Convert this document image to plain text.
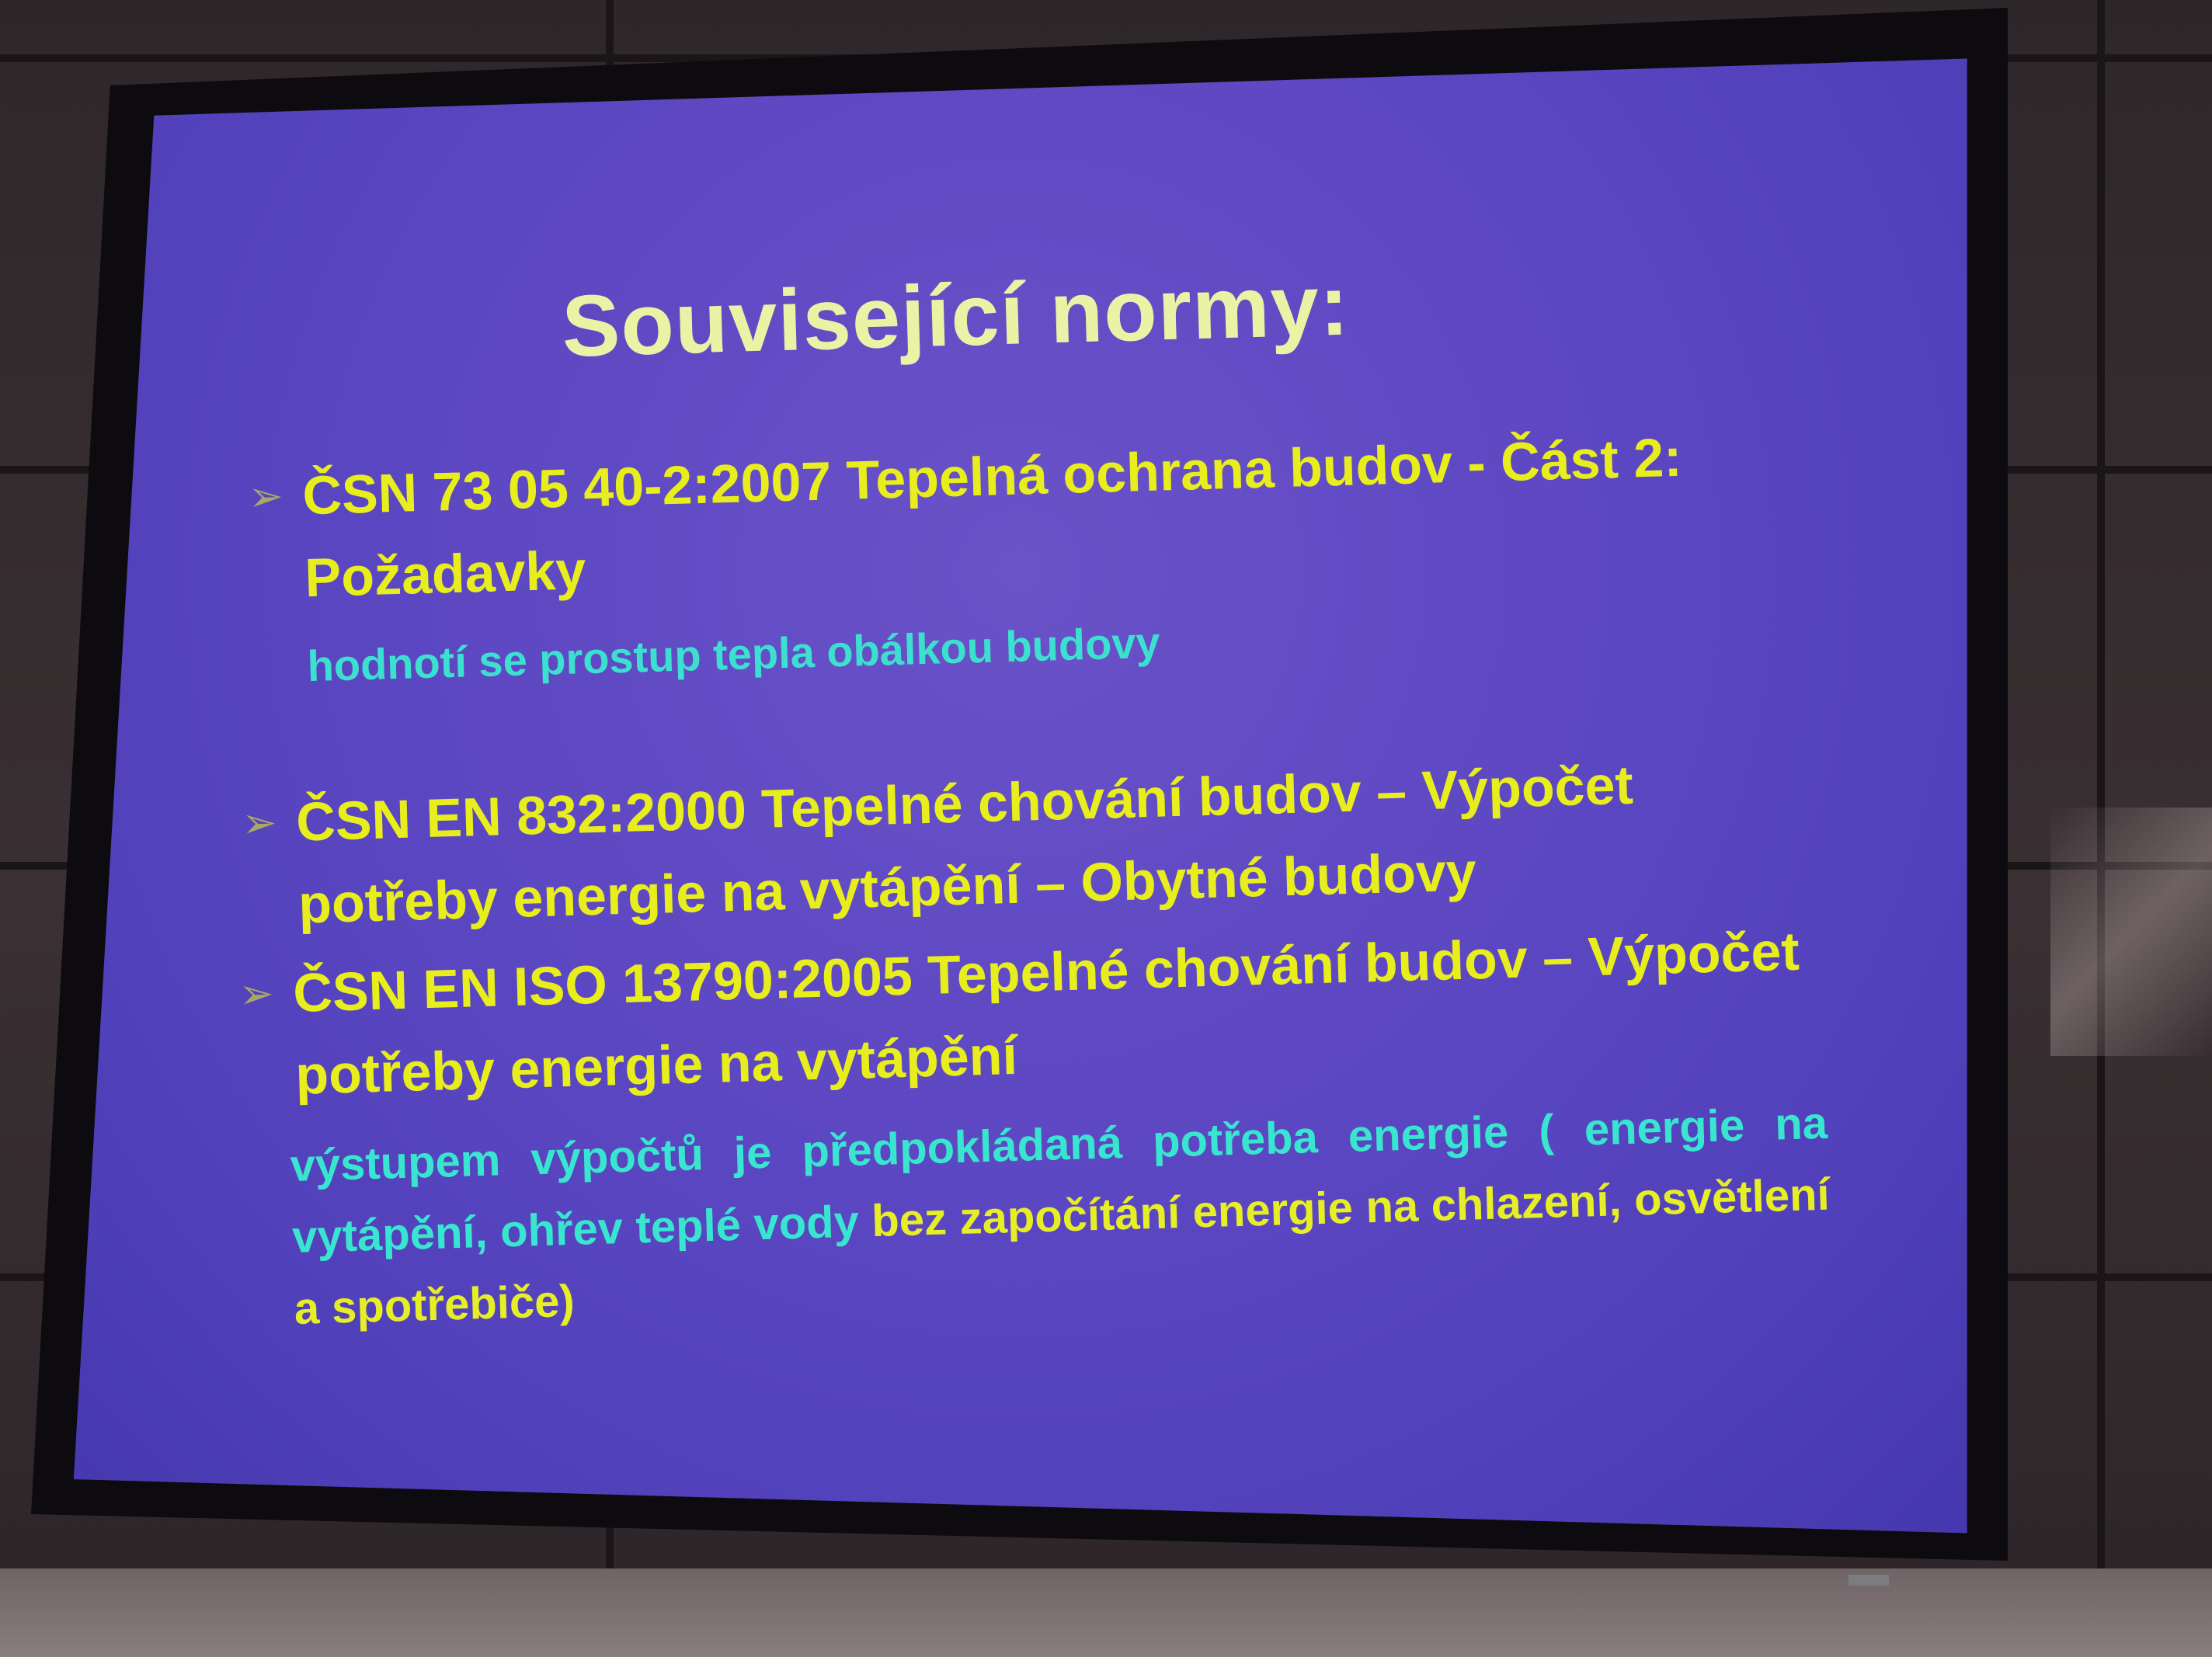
Související normy:
➢ ČSN 73 05 40-2:2007 Tepelná ochrana budov - Část 2: Požadavky
hodnotí se prostup tepla obálkou budovy
➢ ČSN EN 832:2000 Tepelné chování budov – Výpočet potřeby energie na vytápění – Obytné budovy
➢ ČSN EN ISO 13790:2005 Tepelné chování budov – Výpočet potřeby energie na vytápění
výstupem výpočtů je předpokládaná potřeba energie ( energie na vytápění, ohřev teplé vody bez započítání energie na chlazení, osvětlení a spotřebiče)
